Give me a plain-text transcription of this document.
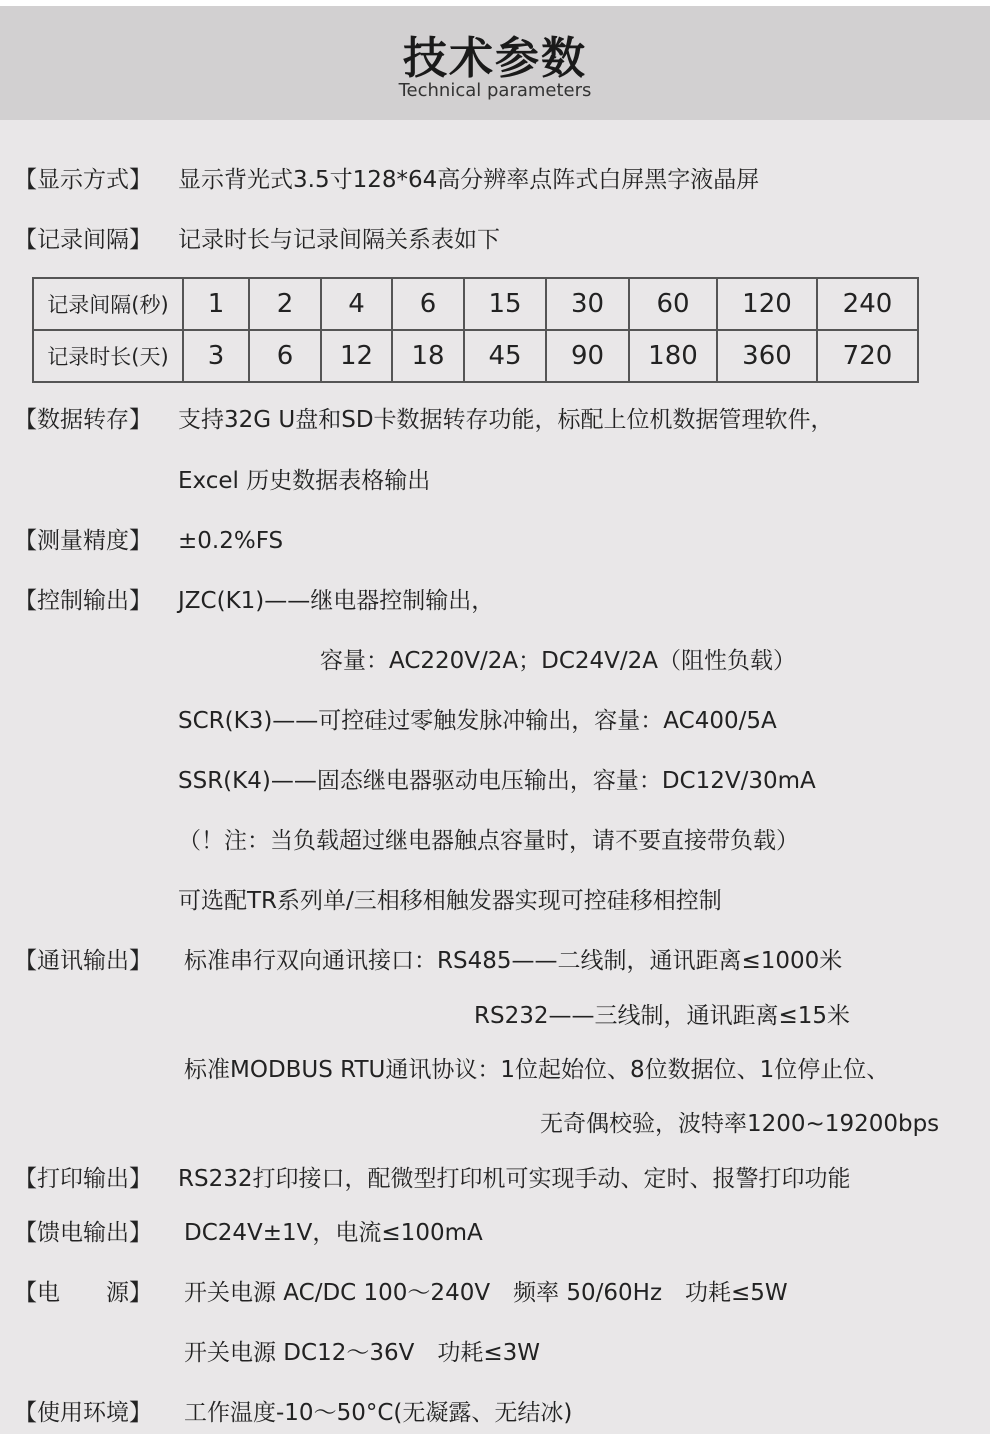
技术参数
Technical parameters
【显示方式】 显示背光式3.5寸128*64高分辨率点阵式白屏黑字液晶屏
【记录间隔】 记录时长与记录间隔关系表如下
记录间隔(秒)	1	2	4	6	15	30	60	120	240
记录时长(天)	3	6	12	18	45	90	180	360	720
【数据转存】 支持32G U盘和SD卡数据转存功能，标配上位机数据管理软件，
Excel 历史数据表格输出
【测量精度】 ±0.2%FS
【控制输出】 JZC(K1)——继电器控制输出，
容量：AC220V/2A；DC24V/2A（阻性负载）
SCR(K3)——可控硅过零触发脉冲输出，容量：AC400/5A
SSR(K4)——固态继电器驱动电压输出，容量：DC12V/30mA
（！注：当负载超过继电器触点容量时，请不要直接带负载）
可选配TR系列单/三相移相触发器实现可控硅移相控制
【通讯输出】 标准串行双向通讯接口：RS485——二线制，通讯距离≤1000米
RS232——三线制，通讯距离≤15米
标准MODBUS RTU通讯协议：1位起始位、8位数据位、1位停止位、
无奇偶校验，波特率1200~19200bps
【打印输出】 RS232打印接口，配微型打印机可实现手动、定时、报警打印功能
【馈电输出】 DC24V±1V，电流≤100mA
【电　　源】 开关电源 AC/DC 100～240V　频率 50/60Hz　功耗≤5W
开关电源 DC12～36V　功耗≤3W
【使用环境】 工作温度-10～50°C(无凝露、无结冰)
